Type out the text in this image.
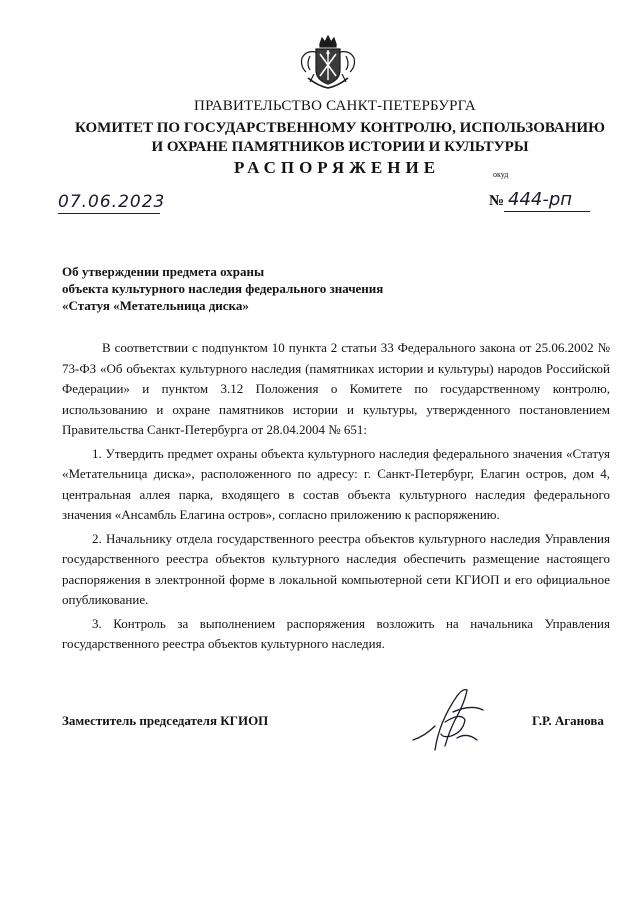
ПРАВИТЕЛЬСТВО САНКТ-ПЕТЕРБУРГА
КОМИТЕТ ПО ГОСУДАРСТВЕННОМУ КОНТРОЛЮ, ИСПОЛЬЗОВАНИЮ
И ОХРАНЕ ПАМЯТНИКОВ ИСТОРИИ И КУЛЬТУРЫ
РАСПОРЯЖЕНИЕ	окуд
07.06.2023	№ 444-рп
Об утверждении предмета охраны
объекта культурного наследия федерального значения
«Статуя «Метательница диска»

В соответствии с подпунктом 10 пункта 2 статьи 33 Федерального закона от 25.06.2002 № 73-ФЗ «Об объектах культурного наследия (памятниках истории и культуры) народов Российской Федерации» и пунктом 3.12 Положения о Комитете по государственному контролю, использованию и охране памятников истории и культуры, утвержденного постановлением Правительства Санкт-Петербурга от 28.04.2004 № 651:

1. Утвердить предмет охраны объекта культурного наследия федерального значения «Статуя «Метательница диска», расположенного по адресу: г. Санкт-Петербург, Елагин остров, дом 4, центральная аллея парка, входящего в состав объекта культурного наследия федерального значения «Ансамбль Елагина остров», согласно приложению к распоряжению.

2. Начальнику отдела государственного реестра объектов культурного наследия Управления государственного реестра объектов культурного наследия обеспечить размещение настоящего распоряжения в электронной форме в локальной компьютерной сети КГИОП и его официальное опубликование.

3. Контроль за выполнением распоряжения возложить на начальника Управления государственного реестра объектов культурного наследия.

Заместитель председателя КГИОП	Г.Р. Аганова
